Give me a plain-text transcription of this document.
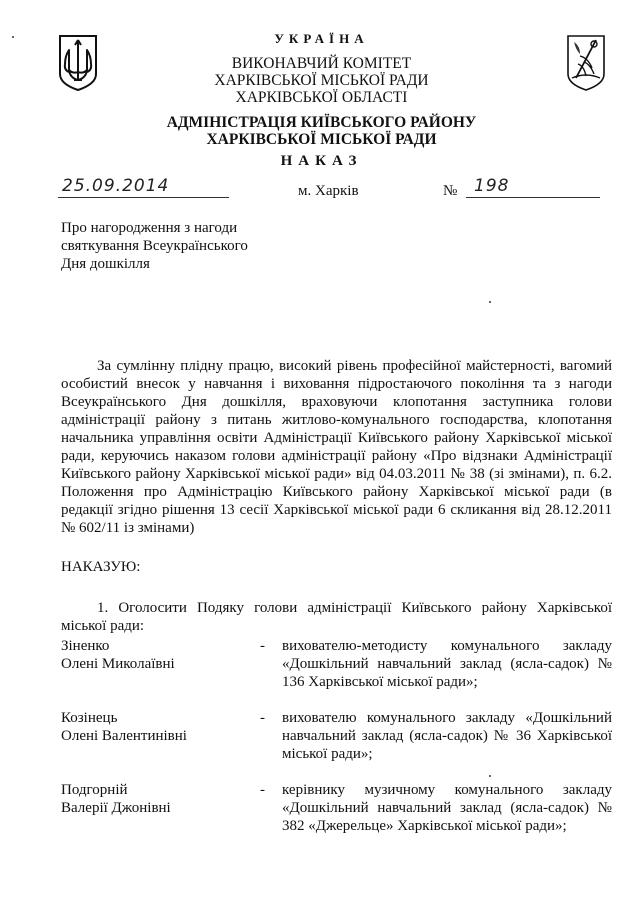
УКРАЇНА
ВИКОНАВЧИЙ КОМІТЕТ
ХАРКІВСЬКОЇ МІСЬКОЇ РАДИ
ХАРКІВСЬКОЇ ОБЛАСТІ
АДМІНІСТРАЦІЯ КИЇВСЬКОГО РАЙОНУ
ХАРКІВСЬКОЇ МІСЬКОЇ РАДИ
НАКАЗ
25.09.2014	м. Харків	№ 198
Про нагородження з нагоди
святкування Всеукраїнського
Дня дошкілля

За сумлінну плідну працю, високий рівень професійної майстерності, вагомий особистий внесок у навчання і виховання підростаючого покоління та з нагоди Всеукраїнського Дня дошкілля, враховуючи клопотання заступника голови адміністрації району з питань житлово-комунального господарства, клопотання начальника управління освіти Адміністрації Київського району Харківської міської ради, керуючись наказом голови адміністрації району «Про відзнаки Адміністрації Київського району Харківської міської ради» від 04.03.2011 № 38 (зі змінами), п. 6.2. Положення про Адміністрацію Київського району Харківської міської ради (в редакції згідно рішення 13 сесії Харківської міської ради 6 скликання від 28.12.2011 № 602/11 із змінами)

НАКАЗУЮ:

1. Оголосити Подяку голови адміністрації Київського району Харківської міської ради:

Зіненко
Олені Миколаївні
- вихователю-методисту комунального закладу «Дошкільний навчальний заклад (ясла-садок) № 136 Харківської міської ради»;
Козінець
Олені Валентинівні
- вихователю комунального закладу «Дошкільний навчальний заклад (ясла-садок) № 36 Харківської міської ради»;
Подгорній
Валерії Джонівні
- керівнику музичному комунального закладу «Дошкільний навчальний заклад (ясла-садок) № 382 «Джерельце» Харківської міської ради»;
